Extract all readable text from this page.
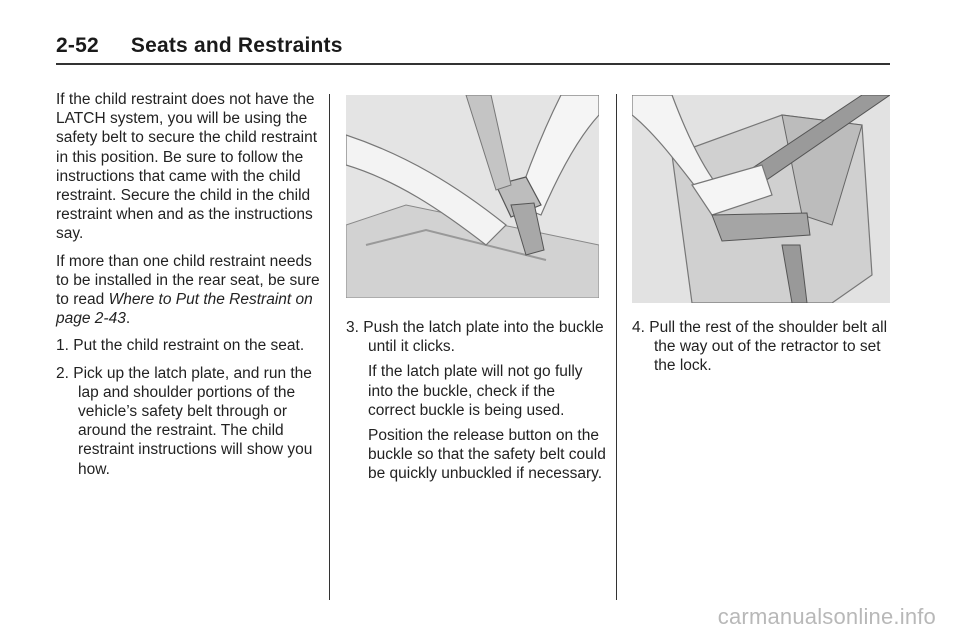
2-52 Seats and Restraints

If the child restraint does not have the LATCH system, you will be using the safety belt to secure the child restraint in this position. Be sure to follow the instructions that came with the child restraint. Secure the child in the child restraint when and as the instructions say.

If more than one child restraint needs to be installed in the rear seat, be sure to read Where to Put the Restraint on page 2-43.

1. Put the child restraint on the seat.
2. Pick up the latch plate, and run the lap and shoulder portions of the vehicle’s safety belt through or around the restraint. The child restraint instructions will show you how.
3. Push the latch plate into the buckle until it clicks.
If the latch plate will not go fully into the buckle, check if the correct buckle is being used.
Position the release button on the buckle so that the safety belt could be quickly unbuckled if necessary.
4. Pull the rest of the shoulder belt all the way out of the retractor to set the lock.
carmanualsonline.info
